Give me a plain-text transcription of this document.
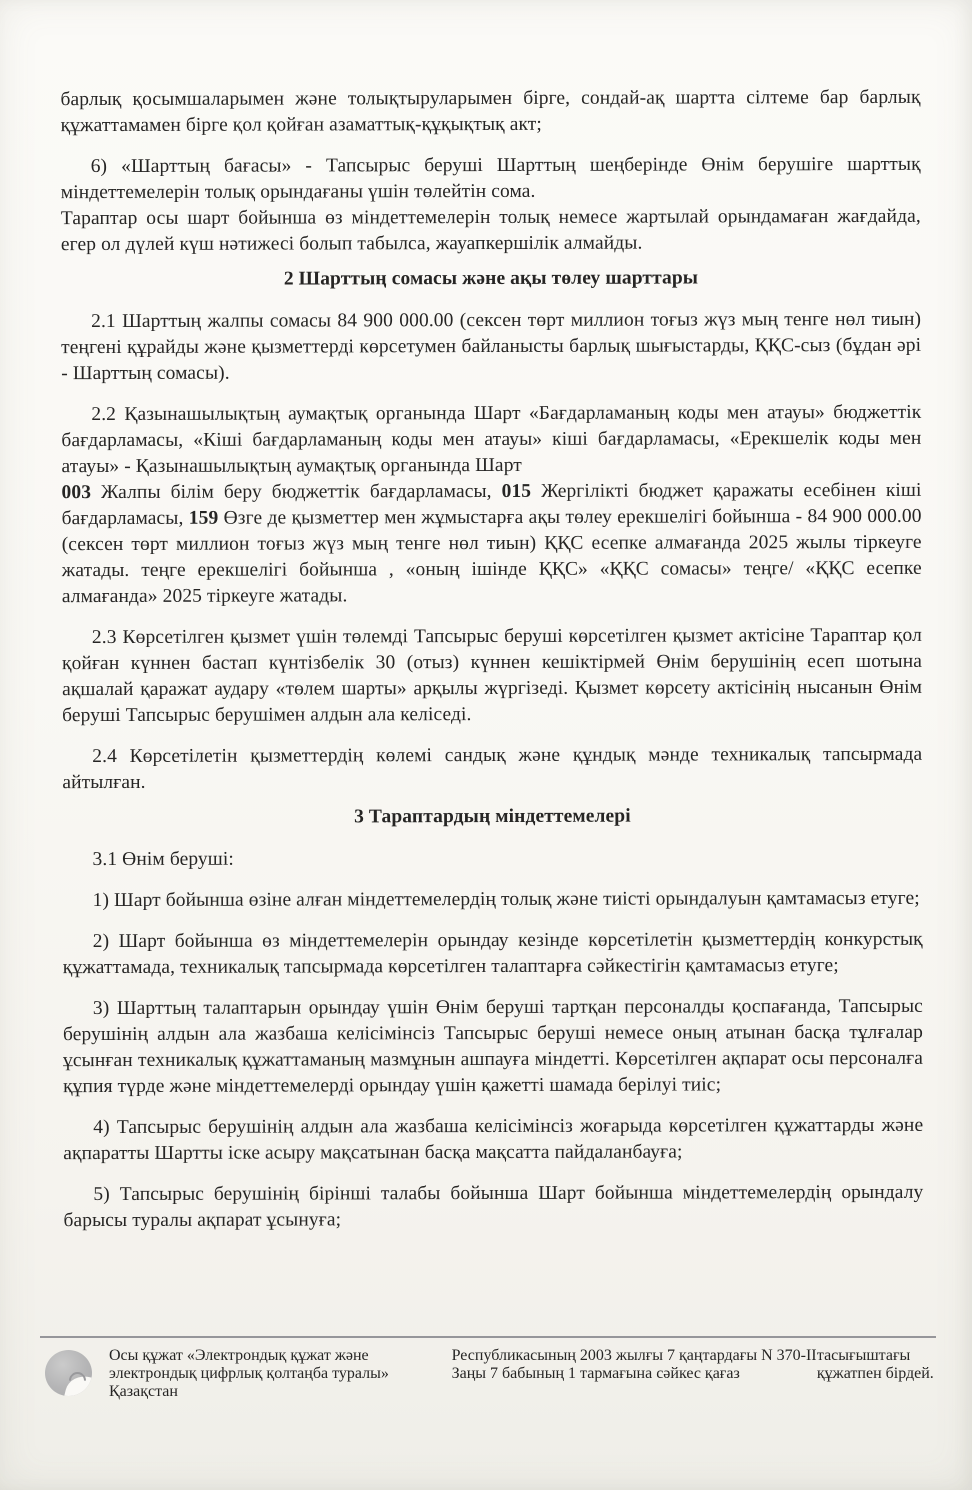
барлық қосымшаларымен және толықтыруларымен бірге, сондай-ақ шартта сілтеме бар барлық құжаттамамен бірге қол қойған азаматтық-құқықтық акт;

6) «Шарттың бағасы» - Тапсырыс беруші Шарттың шеңберінде Өнім берушіге шарттық міндеттемелерін толық орындағаны үшін төлейтін сома.

Тараптар осы шарт бойынша өз міндеттемелерін толық немесе жартылай орындамаған жағдайда, егер ол дүлей күш нәтижесі болып табылса, жауапкершілік алмайды.

2 Шарттың сомасы және ақы төлеу шарттары

2.1 Шарттың жалпы сомасы 84 900 000.00 (сексен төрт миллион тоғыз жүз мың тенге нөл тиын) теңгені құрайды және қызметтерді көрсетумен байланысты барлық шығыстарды, ҚҚС-сыз (бұдан әрі - Шарттың сомасы).

2.2 Қазынашылықтың аумақтық органында Шарт «Бағдарламаның коды мен атауы» бюджеттік бағдарламасы, «Кіші бағдарламаның коды мен атауы» кіші бағдарламасы, «Ерекшелік коды мен атауы» - Қазынашылықтың аумақтық органында Шарт
003 Жалпы білім беру бюджеттік бағдарламасы, 015 Жергілікті бюджет қаражаты есебінен кіші бағдарламасы, 159 Өзге де қызметтер мен жұмыстарға ақы төлеу ерекшелігі бойынша - 84 900 000.00 (сексен төрт миллион тоғыз жүз мың тенге нөл тиын) ҚҚС есепке алмағанда 2025 жылы тіркеуге жатады. теңге ерекшелігі бойынша , «оның ішінде ҚҚС» «ҚҚС сомасы» теңге/ «ҚҚС есепке алмағанда» 2025 тіркеуге жатады.

2.3 Көрсетілген қызмет үшін төлемді Тапсырыс беруші көрсетілген қызмет актісіне Тараптар қол қойған күннен бастап күнтізбелік 30 (отыз) күннен кешіктірмей Өнім берушінің есеп шотына ақшалай қаражат аудару «төлем шарты» арқылы жүргізеді. Қызмет көрсету актісінің нысанын Өнім беруші Тапсырыс берушімен алдын ала келіседі.

2.4 Көрсетілетін қызметтердің көлемі сандық және құндық мәнде техникалық тапсырмада айтылған.

3 Тараптардың міндеттемелері

3.1 Өнім беруші:

1) Шарт бойынша өзіне алған міндеттемелердің толық және тиісті орындалуын қамтамасыз етуге;

2) Шарт бойынша өз міндеттемелерін орындау кезінде көрсетілетін қызметтердің конкурстық құжаттамада, техникалық тапсырмада көрсетілген талаптарға сәйкестігін қамтамасыз етуге;

3) Шарттың талаптарын орындау үшін Өнім беруші тартқан персоналды қоспағанда, Тапсырыс берушінің алдын ала жазбаша келісімінсіз Тапсырыс беруші немесе оның атынан басқа тұлғалар ұсынған техникалық құжаттаманың мазмұнын ашпауға міндетті. Көрсетілген ақпарат осы персоналға құпия түрде және міндеттемелерді орындау үшін қажетті шамада берілуі тиіс;

4) Тапсырыс берушінің алдын ала жазбаша келісімінсіз жоғарыда көрсетілген құжаттарды және ақпаратты Шартты іске асыру мақсатынан басқа мақсатта пайдаланбауға;

5) Тапсырыс берушінің бірінші талабы бойынша Шарт бойынша міндеттемелердің орындалу барысы туралы ақпарат ұсынуға;

Осы құжат «Электрондық құжат және электрондық цифрлық қолтаңба туралы» Қазақстан
Республикасының 2003 жылғы 7 қаңтардағы N 370-II Заңы 7 бабының 1 тармағына сәйкес қағаз
тасығыштағы құжатпен бірдей.
